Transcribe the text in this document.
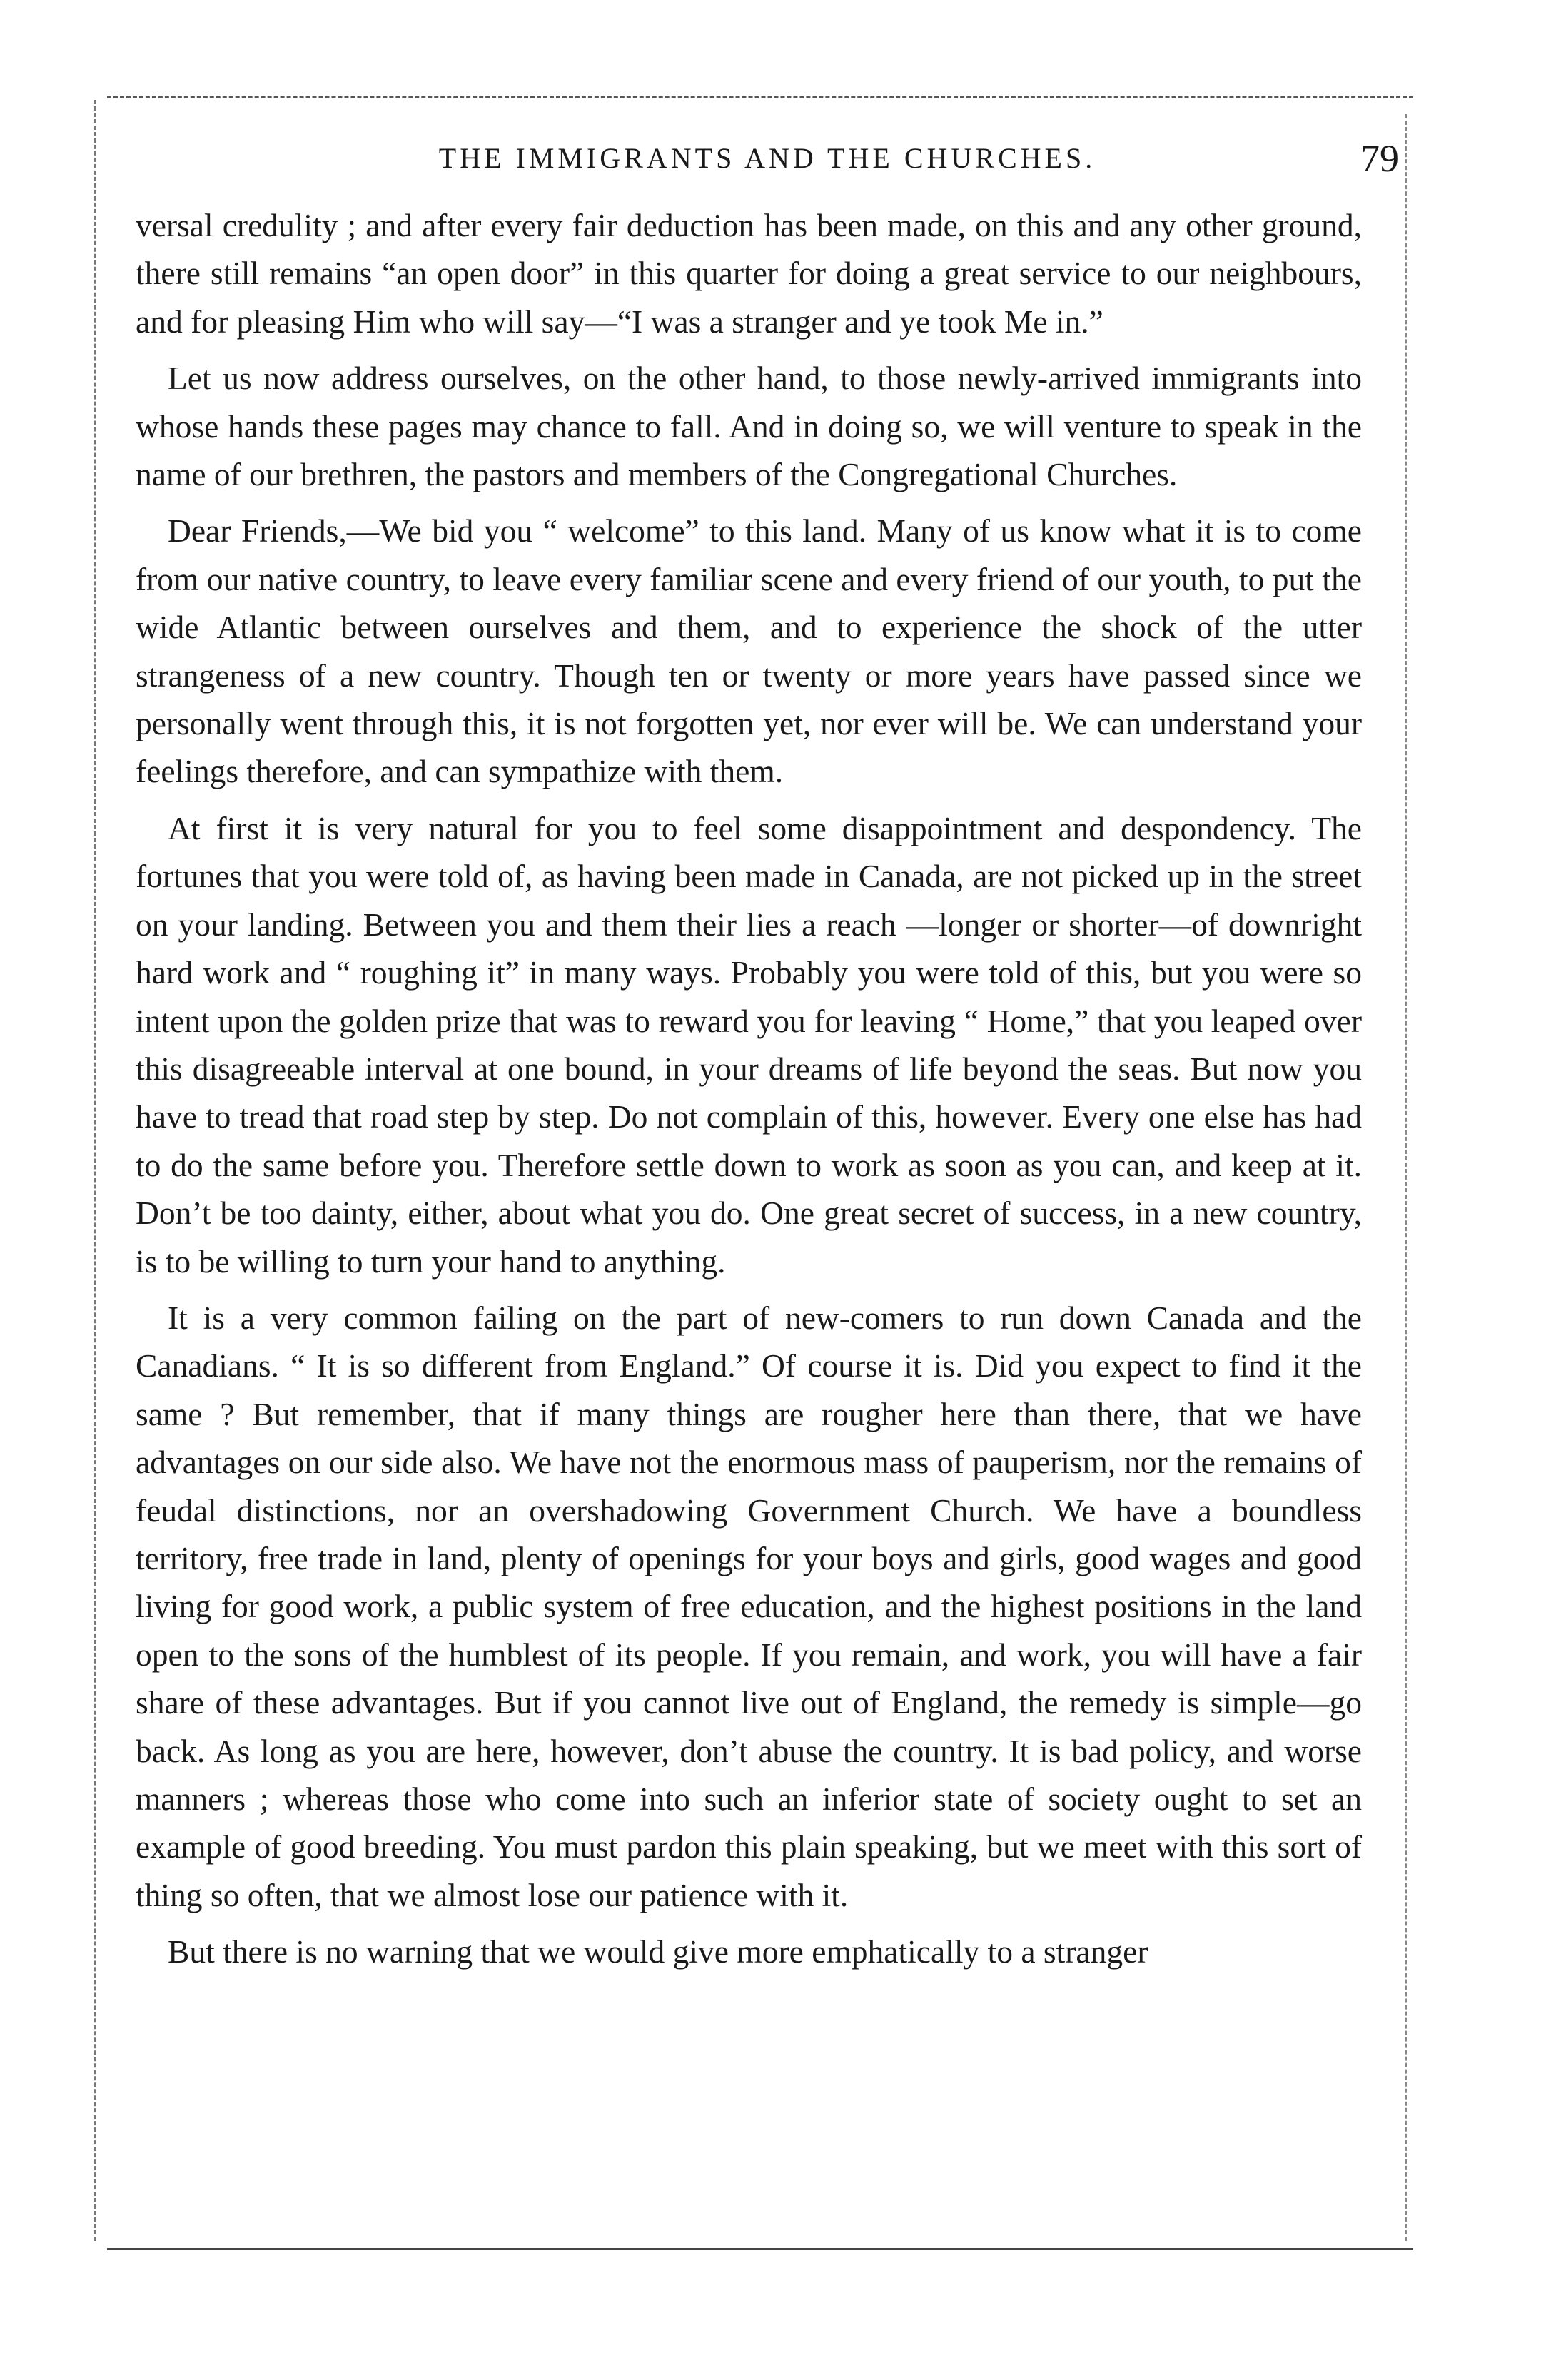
THE IMMIGRANTS AND THE CHURCHES.	79

versal credulity ; and after every fair deduction has been made, on this and any other ground, there still remains “an open door” in this quarter for doing a great service to our neighbours, and for pleasing Him who will say—“I was a stranger and ye took Me in.”

Let us now address ourselves, on the other hand, to those newly-arrived immigrants into whose hands these pages may chance to fall. And in doing so, we will venture to speak in the name of our brethren, the pastors and members of the Congregational Churches.

Dear Friends,—We bid you “ welcome” to this land. Many of us know what it is to come from our native country, to leave every familiar scene and every friend of our youth, to put the wide Atlantic between ourselves and them, and to experience the shock of the utter strangeness of a new country. Though ten or twenty or more years have passed since we personally went through this, it is not forgotten yet, nor ever will be. We can understand your feelings therefore, and can sympathize with them.

At first it is very natural for you to feel some disappointment and despondency. The fortunes that you were told of, as having been made in Canada, are not picked up in the street on your landing. Between you and them their lies a reach —longer or shorter—of downright hard work and “ roughing it” in many ways. Probably you were told of this, but you were so intent upon the golden prize that was to reward you for leaving “ Home,” that you leaped over this disagreeable interval at one bound, in your dreams of life beyond the seas. But now you have to tread that road step by step. Do not complain of this, however. Every one else has had to do the same before you. Therefore settle down to work as soon as you can, and keep at it. Don’t be too dainty, either, about what you do. One great secret of success, in a new country, is to be willing to turn your hand to anything.

It is a very common failing on the part of new-comers to run down Canada and the Canadians. “ It is so different from England.” Of course it is. Did you expect to find it the same ? But remember, that if many things are rougher here than there, that we have advantages on our side also. We have not the enormous mass of pauperism, nor the remains of feudal distinctions, nor an overshadowing Government Church. We have a boundless territory, free trade in land, plenty of openings for your boys and girls, good wages and good living for good work, a public system of free education, and the highest positions in the land open to the sons of the humblest of its people. If you remain, and work, you will have a fair share of these advantages. But if you cannot live out of England, the remedy is simple—go back. As long as you are here, however, don’t abuse the country. It is bad policy, and worse manners ; whereas those who come into such an inferior state of society ought to set an example of good breeding. You must pardon this plain speaking, but we meet with this sort of thing so often, that we almost lose our patience with it.

But there is no warning that we would give more emphatically to a stranger
